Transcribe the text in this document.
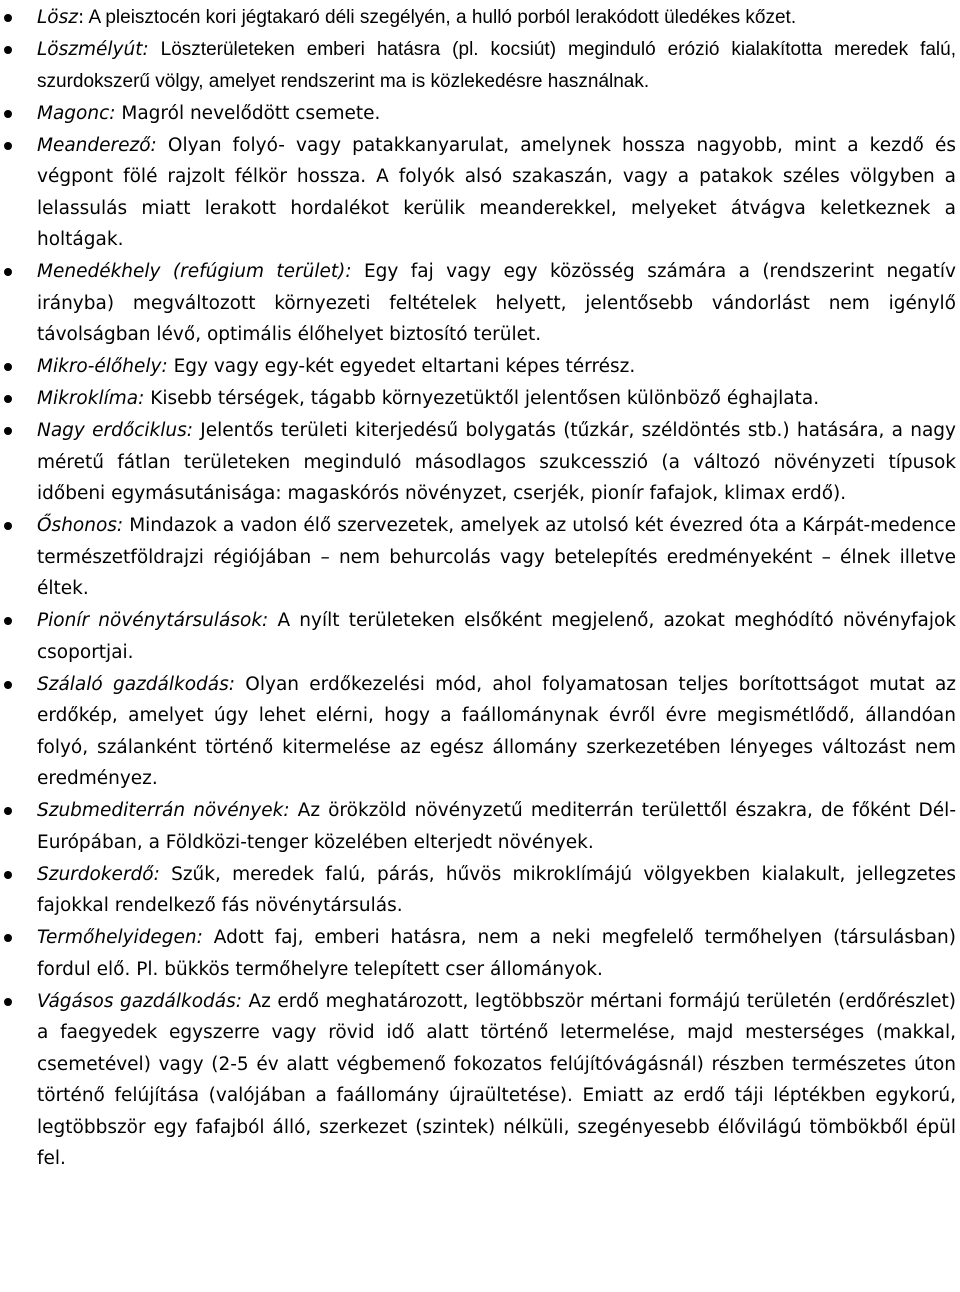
Lösz: A pleisztocén kori jégtakaró déli szegélyén, a hulló porból lerakódott üledékes kőzet.
Löszmélyút: Löszterületeken emberi hatásra (pl. kocsiút) meginduló erózió kialakította meredek falú, szurdokszerű völgy, amelyet rendszerint ma is közlekedésre használnak.
Magonc: Magról nevelődött csemete.
Meanderező: Olyan folyó- vagy patakkanyarulat, amelynek hossza nagyobb, mint a kezdő és végpont fölé rajzolt félkör hossza. A folyók alsó szakaszán, vagy a patakok széles völgyben a lelassulás miatt lerakott hordalékot kerülik meanderekkel, melyeket átvágva keletkeznek a holtágak.
Menedékhely (refúgium terület): Egy faj vagy egy közösség számára a (rendszerint negatív irányba) megváltozott környezeti feltételek helyett, jelentősebb vándorlást nem igénylő távolságban lévő, optimális élőhelyet biztosító terület.
Mikro-élőhely: Egy vagy egy-két egyedet eltartani képes térrész.
Mikroklíma: Kisebb térségek, tágabb környezetüktől jelentősen különböző éghajlata.
Nagy erdőciklus: Jelentős területi kiterjedésű bolygatás (tűzkár, széldöntés stb.) hatására, a nagy méretű fátlan területeken meginduló másodlagos szukcesszió (a változó növényzeti típusok időbeni egymásutánisága: magaskórós növényzet, cserjék, pionír fafajok, klimax erdő).
Őshonos: Mindazok a vadon élő szervezetek, amelyek az utolsó két évezred óta a Kárpát-medence természetföldrajzi régiójában – nem behurcolás vagy betelepítés eredményeként – élnek illetve éltek.
Pionír növénytársulások: A nyílt területeken elsőként megjelenő, azokat meghódító növényfajok csoportjai.
Szálaló gazdálkodás: Olyan erdőkezelési mód, ahol folyamatosan teljes borítottságot mutat az erdőkép, amelyet úgy lehet elérni, hogy a faállománynak évről évre megismétlődő, állandóan folyó, szálanként történő kitermelése az egész állomány szerkezetében lényeges változást nem eredményez.
Szubmediterrán növények: Az örökzöld növényzetű mediterrán területtől északra, de főként Dél-Európában, a Földközi-tenger közelében elterjedt növények.
Szurdokerdő: Szűk, meredek falú, párás, hűvös mikroklímájú völgyekben kialakult, jellegzetes fajokkal rendelkező fás növénytársulás.
Termőhelyidegen: Adott faj, emberi hatásra, nem a neki megfelelő termőhelyen (társulásban) fordul elő. Pl. bükkös termőhelyre telepített cser állományok.
Vágásos gazdálkodás: Az erdő meghatározott, legtöbbször mértani formájú területén (erdőrészlet) a faegyedek egyszerre vagy rövid idő alatt történő letermelése, majd mesterséges (makkal, csemetével) vagy (2-5 év alatt végbemenő fokozatos felújítóvágásnál) részben természetes úton történő felújítása (valójában a faállomány újraültetése). Emiatt az erdő táji léptékben egykorú, legtöbbször egy fafajból álló, szerkezet (szintek) nélküli, szegényesebb élővilágú tömbökből épül fel.
